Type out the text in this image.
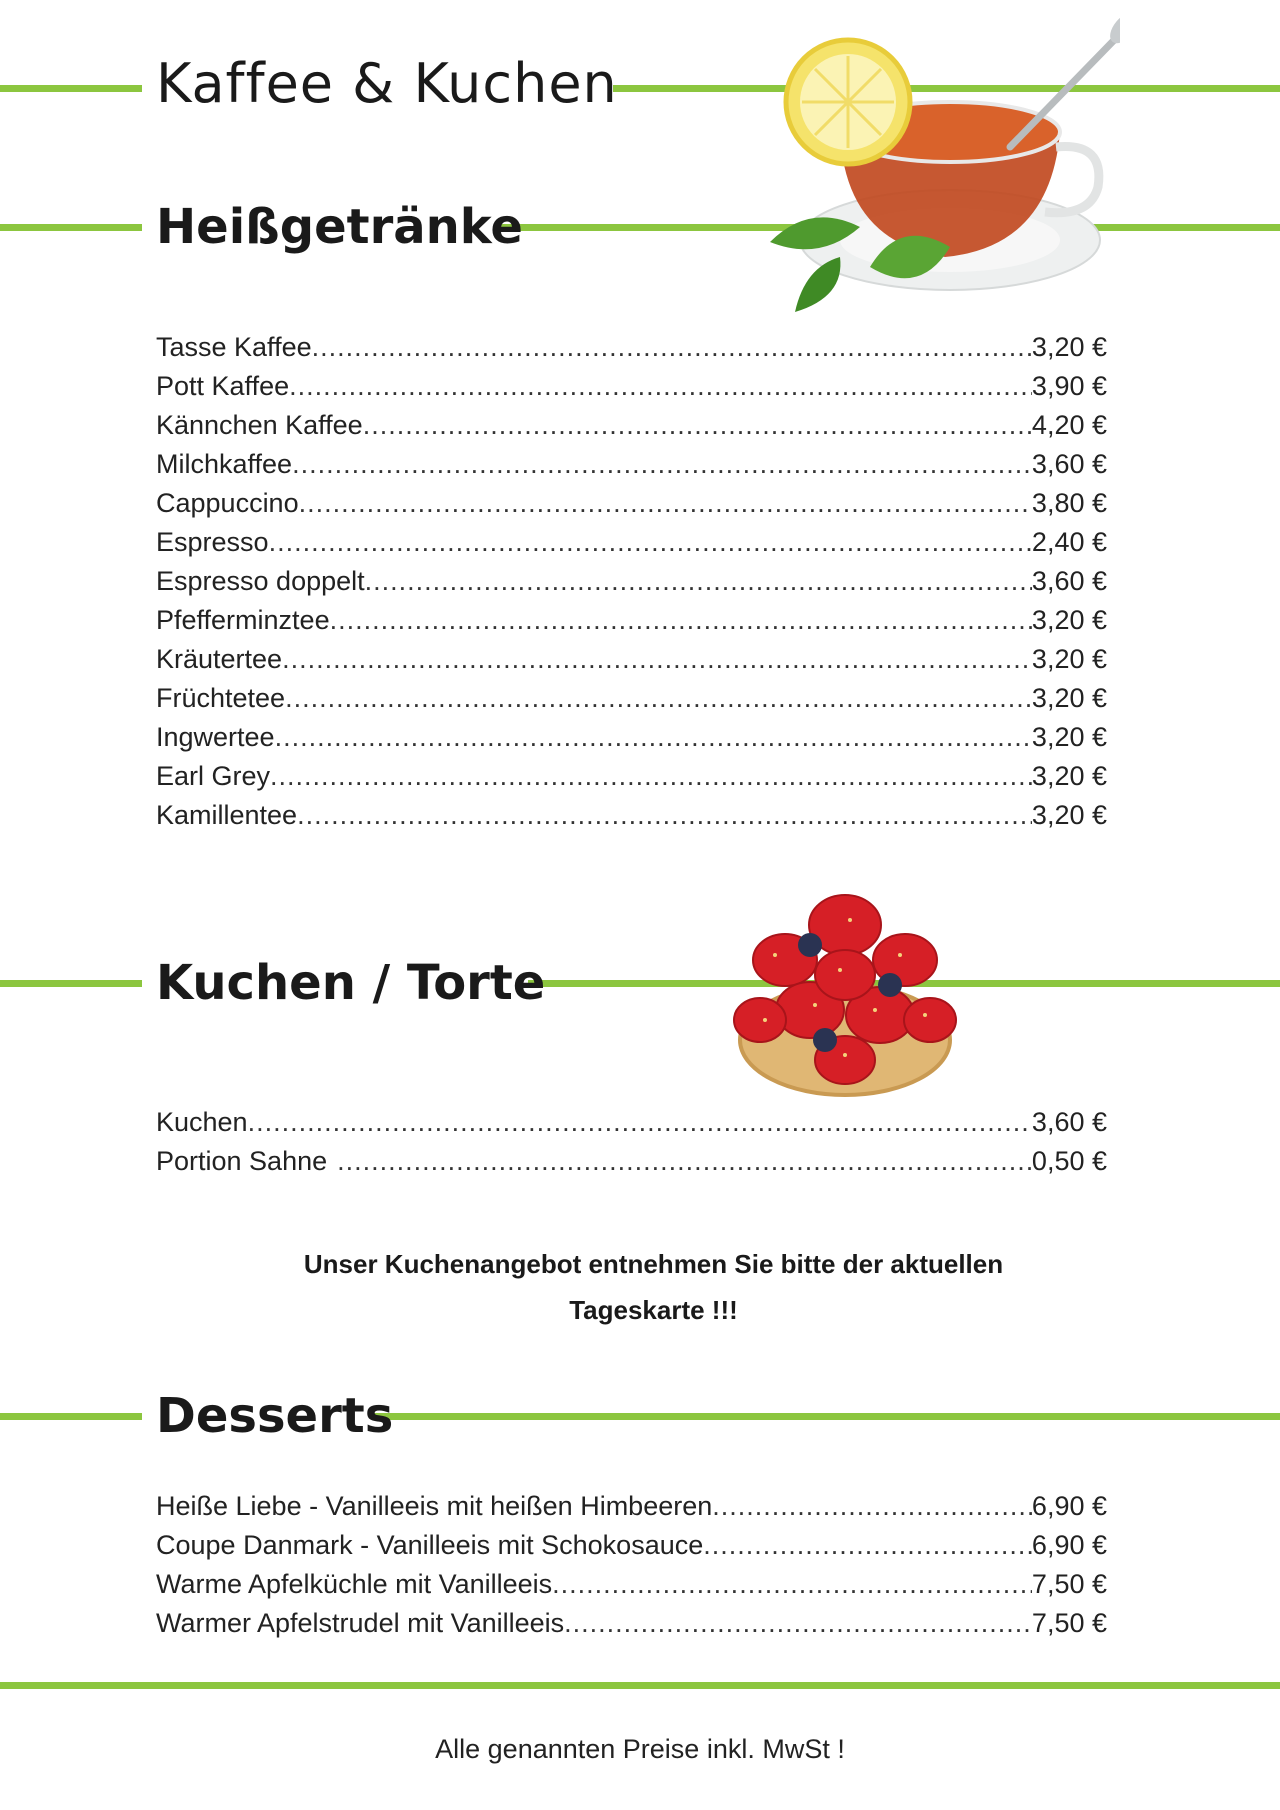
Kaffee & Kuchen
Heißgetränke
Tasse Kaffee .....	3,20 €
Pott Kaffee .....	3,90 €
Kännchen Kaffee .....	4,20 €
Milchkaffee .....	3,60 €
Cappuccino .....	3,80 €
Espresso .....	2,40 €
Espresso doppelt .....	3,60 €
Pfefferminztee .....	3,20 €
Kräutertee .....	3,20 €
Früchtetee .....	3,20 €
Ingwertee .....	3,20 €
Earl Grey .....	3,20 €
Kamillentee .....	3,20 €
Kuchen / Torte
Kuchen .....	3,60 €
Portion Sahne .....	0,50 €

Unser Kuchenangebot entnehmen Sie bitte der aktuellen
Tageskarte !!!

Desserts
Heiße Liebe - Vanilleeis mit heißen Himbeeren .....	6,90 €
Coupe Danmark - Vanilleeis mit Schokosauce .....	6,90 €
Warme Apfelküchle mit Vanilleeis .....	7,50 €
Warmer Apfelstrudel mit Vanilleeis .....	7,50 €

Alle genannten Preise inkl. MwSt !
